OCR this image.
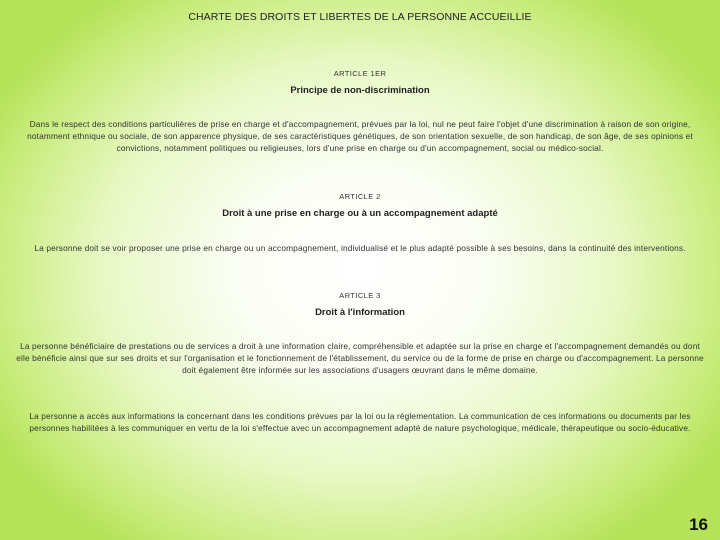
CHARTE DES DROITS ET LIBERTES DE LA PERSONNE ACCUEILLIE
ARTICLE 1ER
Principe de non-discrimination
Dans le respect des conditions particulières de prise en charge et d'accompagnement, prévues par la loi, nul ne peut faire l'objet d'une discrimination à raison de son origine, notamment ethnique ou sociale, de son apparence physique, de ses caractéristiques génétiques, de son orientation sexuelle, de son handicap, de son âge, de ses opinions et convictions, notamment politiques ou religieuses, lors d'une prise en charge ou d'un accompagnement, social ou médico-social.
ARTICLE 2
Droit à une prise en charge ou à un accompagnement adapté
La personne doit se voir proposer une prise en charge ou un accompagnement, individualisé et le plus adapté possible à ses besoins, dans la continuité des interventions.
ARTICLE 3
Droit à l'information
La personne bénéficiaire de prestations ou de services a droit à une information claire, compréhensible et adaptée sur la prise en charge et l'accompagnement demandés ou dont elle bénéficie ainsi que sur ses droits et sur l'organisation et le fonctionnement de l'établissement, du service ou de la forme de prise en charge ou d'accompagnement. La personne doit également être informée sur les associations d'usagers œuvrant dans le même domaine.
La personne a accès aux informations la concernant dans les conditions prévues par la loi ou la réglementation. La communication de ces informations ou documents par les personnes habilitées à les communiquer en vertu de la loi s'effectue avec un accompagnement adapté de nature psychologique, médicale, thérapeutique ou socio-éducative.
16
